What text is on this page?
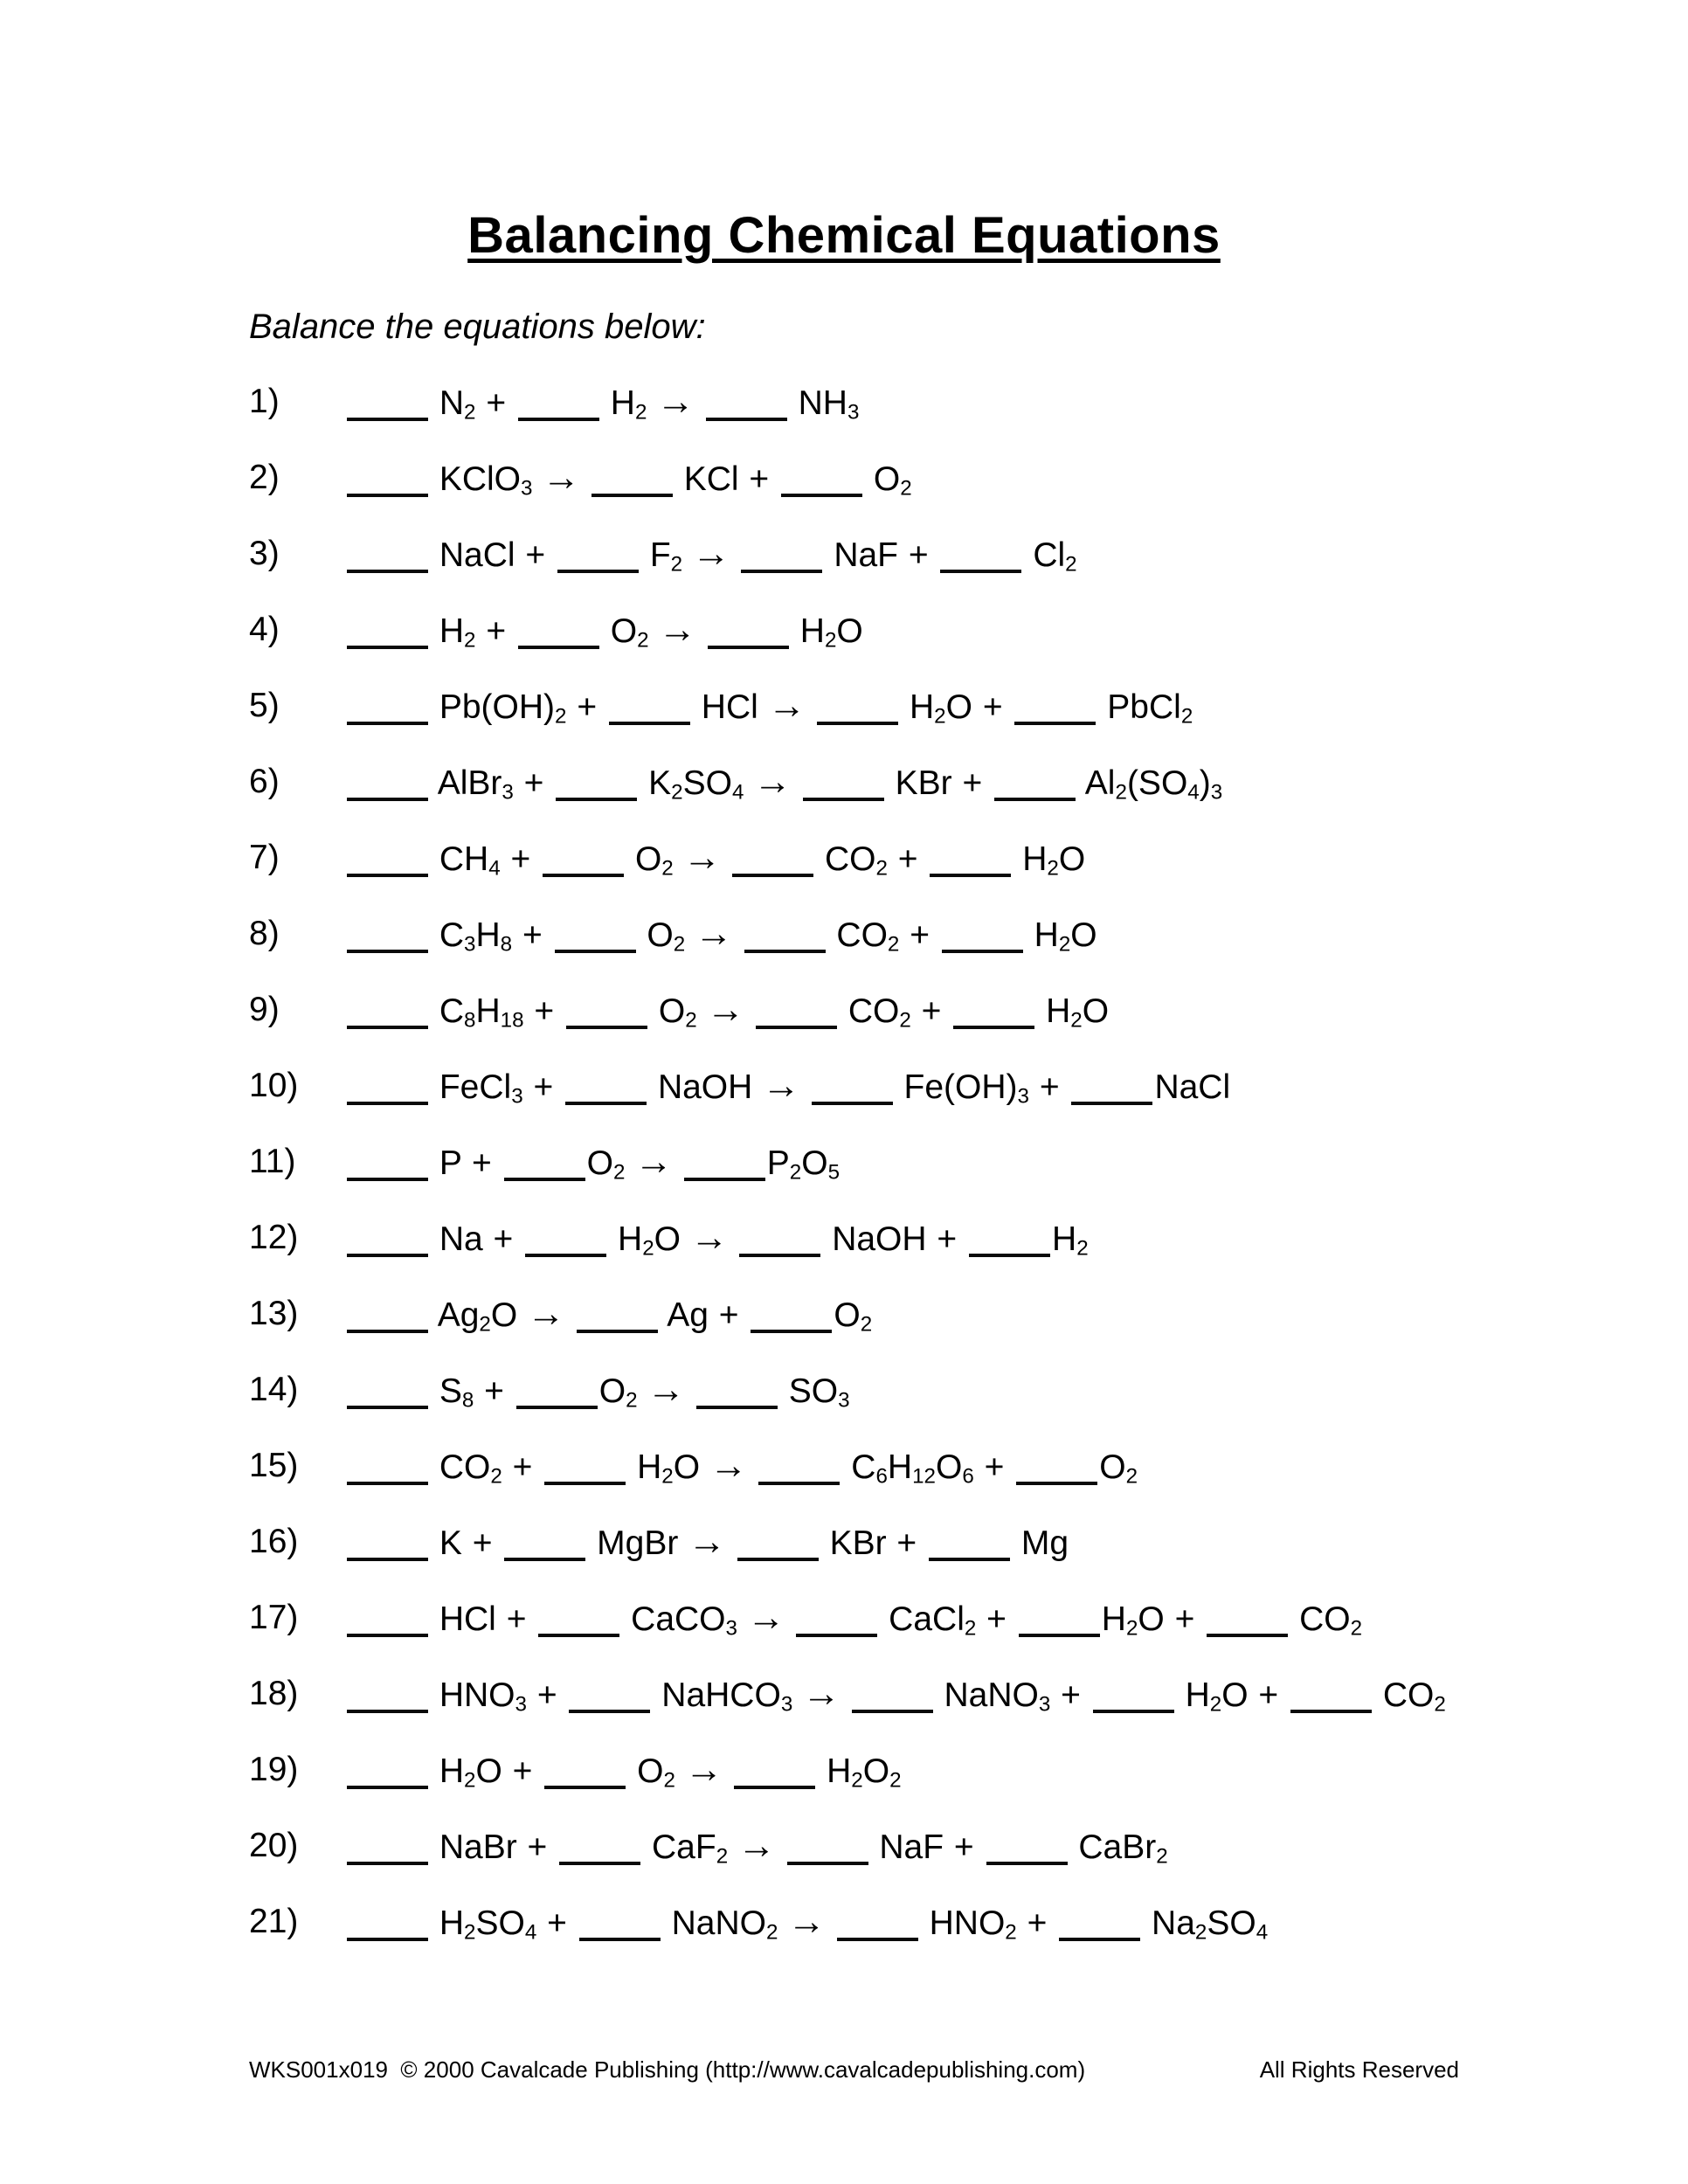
Balancing Chemical Equations
Balance the equations below:
1)	$N_2$ +	$H_2$ →	$NH_3$
2)	KClO$_3$ →	KCl +	$O_2$
3)	NaCl +	$F_2$ →	NaF +	$Cl_2$
4)	$H_2$ +	$O_2$ →	$H_2O$
5)	$Pb(OH)_2$ +	HCl →	$H_2O$ +	PbCl$_2$
6)	AlBr$_3$ +	$K_2SO_4$ →	KBr +	$Al_2(SO_4)_3$
7)	$CH_4$ +	$O_2$ →	$CO_2$ +	$H_2O$
8)	$C_3H_8$ +	$O_2$ →	$CO_2$ +	$H_2O$
9)	$C_8H_{18}$ +	$O_2$ →	$CO_2$ +	$H_2O$
10)	FeCl$_3$ +	NaOH →	$Fe(OH)_3$ +	NaCl
11)	P +	$O_2$ →	$P_2O_5$
12)	Na +	$H_2O$ →	NaOH +	$H_2$
13)	$Ag_2O$ →	Ag +	$O_2$
14)	$S_8$ +	$O_2$ →	$SO_3$
15)	$CO_2$ +	$H_2O$ →	$C_6H_{12}O_6$ +	$O_2$
16)	K +	MgBr →	KBr +	Mg
17)	HCl +	CaCO$_3$ →	CaCl$_2$ +	$H_2O$ +	$CO_2$
18)	$HNO_3$ +	NaHCO$_3$ →	NaNO$_3$ +	$H_2O$ +	$CO_2$
19)	$H_2O$ +	$O_2$ →	$H_2O_2$
20)	NaBr +	CaF$_2$ →	NaF +	CaBr$_2$
21)	$H_2SO_4$ +	NaNO$_2$ →	$HNO_2$ +	$Na_2SO_4$
WKS001x019  © 2000 Cavalcade Publishing (http://www.cavalcadepublishing.com)	All Rights Reserved
